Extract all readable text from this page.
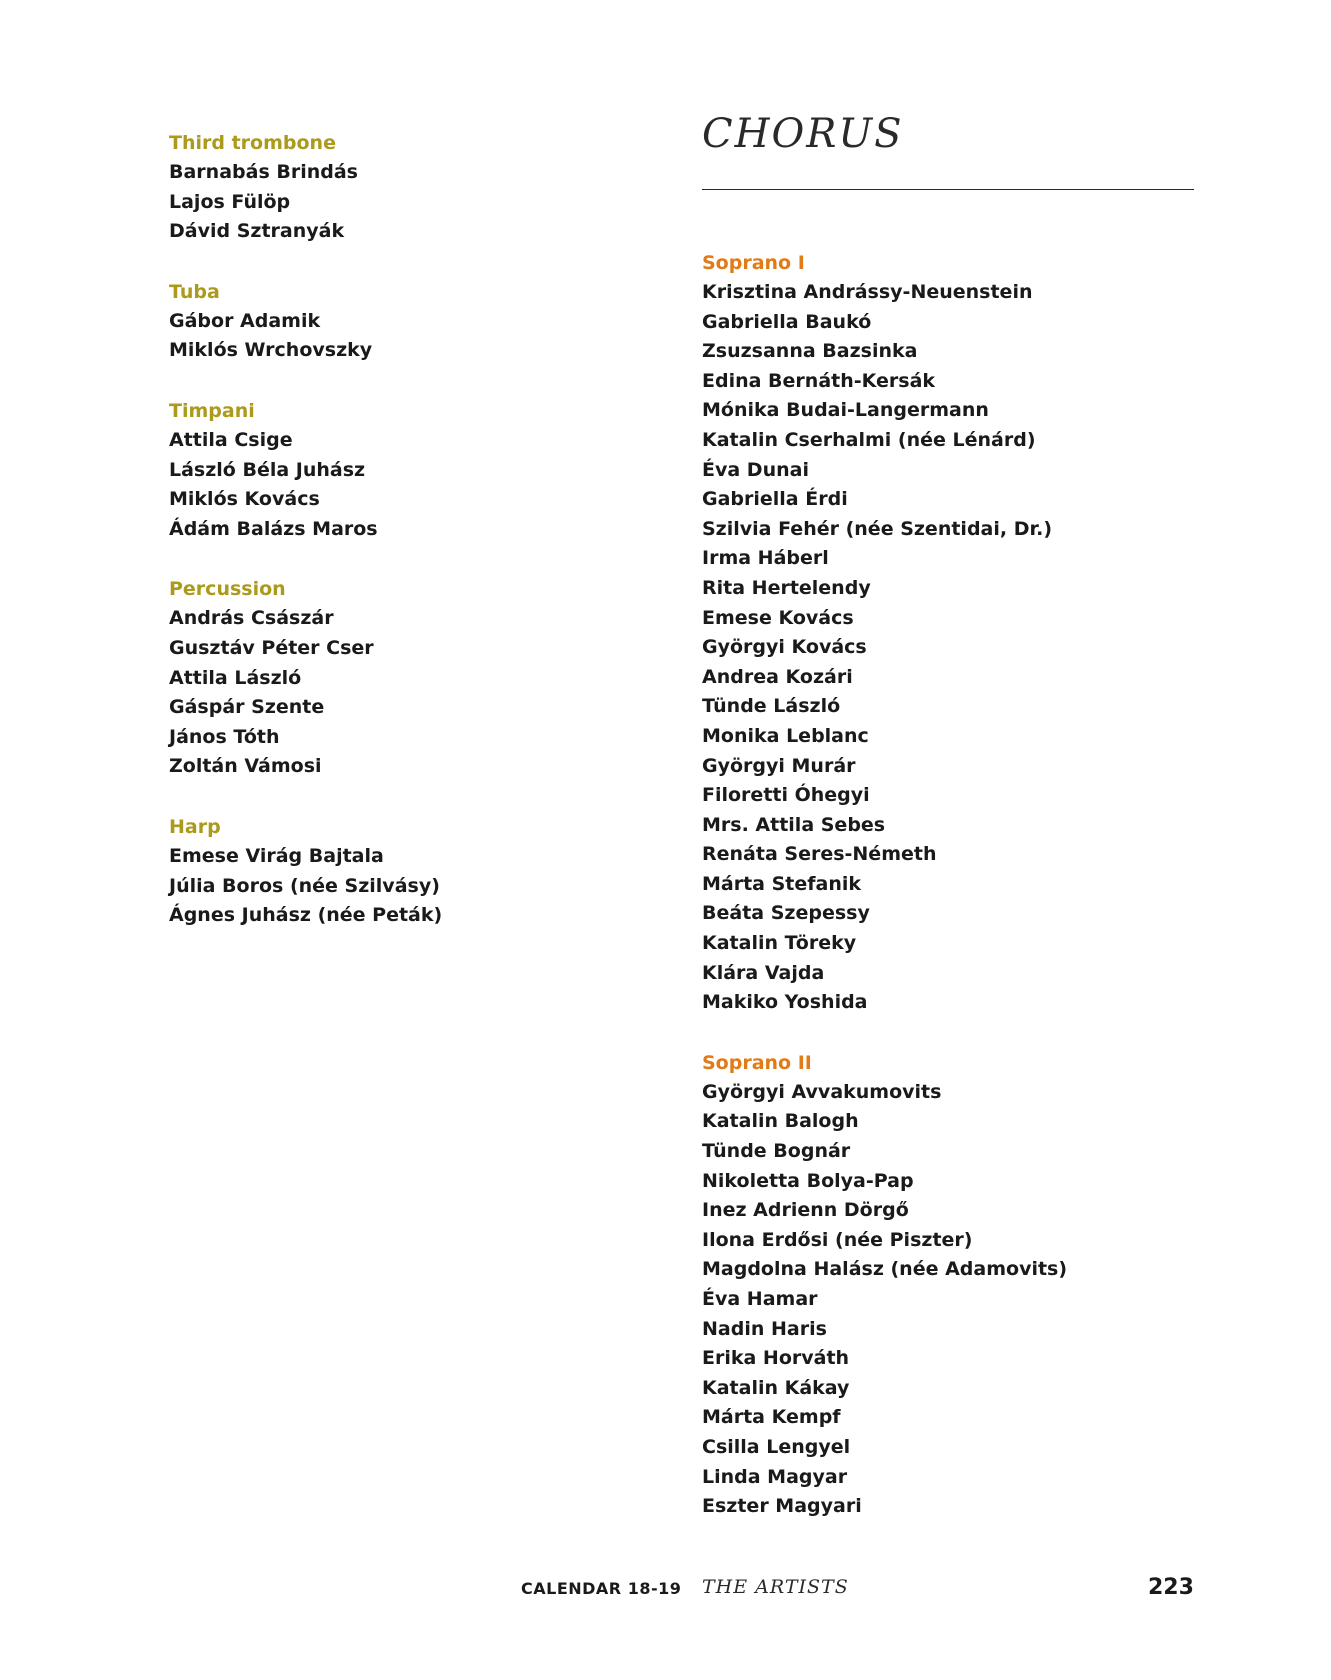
Third trombone
Barnabás Brindás
Lajos Fülöp
Dávid Sztranyák
Tuba
Gábor Adamik
Miklós Wrchovszky
Timpani
Attila Csige
László Béla Juhász
Miklós Kovács
Ádám Balázs Maros
Percussion
András Császár
Gusztáv Péter Cser
Attila László
Gáspár Szente
János Tóth
Zoltán Vámosi
Harp
Emese Virág Bajtala
Júlia Boros (née Szilvásy)
Ágnes Juhász (née Peták)
CHORUS
Soprano I
Krisztina Andrássy-Neuenstein
Gabriella Baukó
Zsuzsanna Bazsinka
Edina Bernáth-Kersák
Mónika Budai-Langermann
Katalin Cserhalmi (née Lénárd)
Éva Dunai
Gabriella Érdi
Szilvia Fehér (née Szentidai, Dr.)
Irma Háberl
Rita Hertelendy
Emese Kovács
Györgyi Kovács
Andrea Kozári
Tünde László
Monika Leblanc
Györgyi Murár
Filoretti Óhegyi
Mrs. Attila Sebes
Renáta Seres-Németh
Márta Stefanik
Beáta Szepessy
Katalin Töreky
Klára Vajda
Makiko Yoshida
Soprano II
Györgyi Avvakumovits
Katalin Balogh
Tünde Bognár
Nikoletta Bolya-Pap
Inez Adrienn Dörgő
Ilona Erdősi (née Piszter)
Magdolna Halász (née Adamovits)
Éva Hamar
Nadin Haris
Erika Horváth
Katalin Kákay
Márta Kempf
Csilla Lengyel
Linda Magyar
Eszter Magyari
CALENDAR 18-19 THE ARTISTS	223
